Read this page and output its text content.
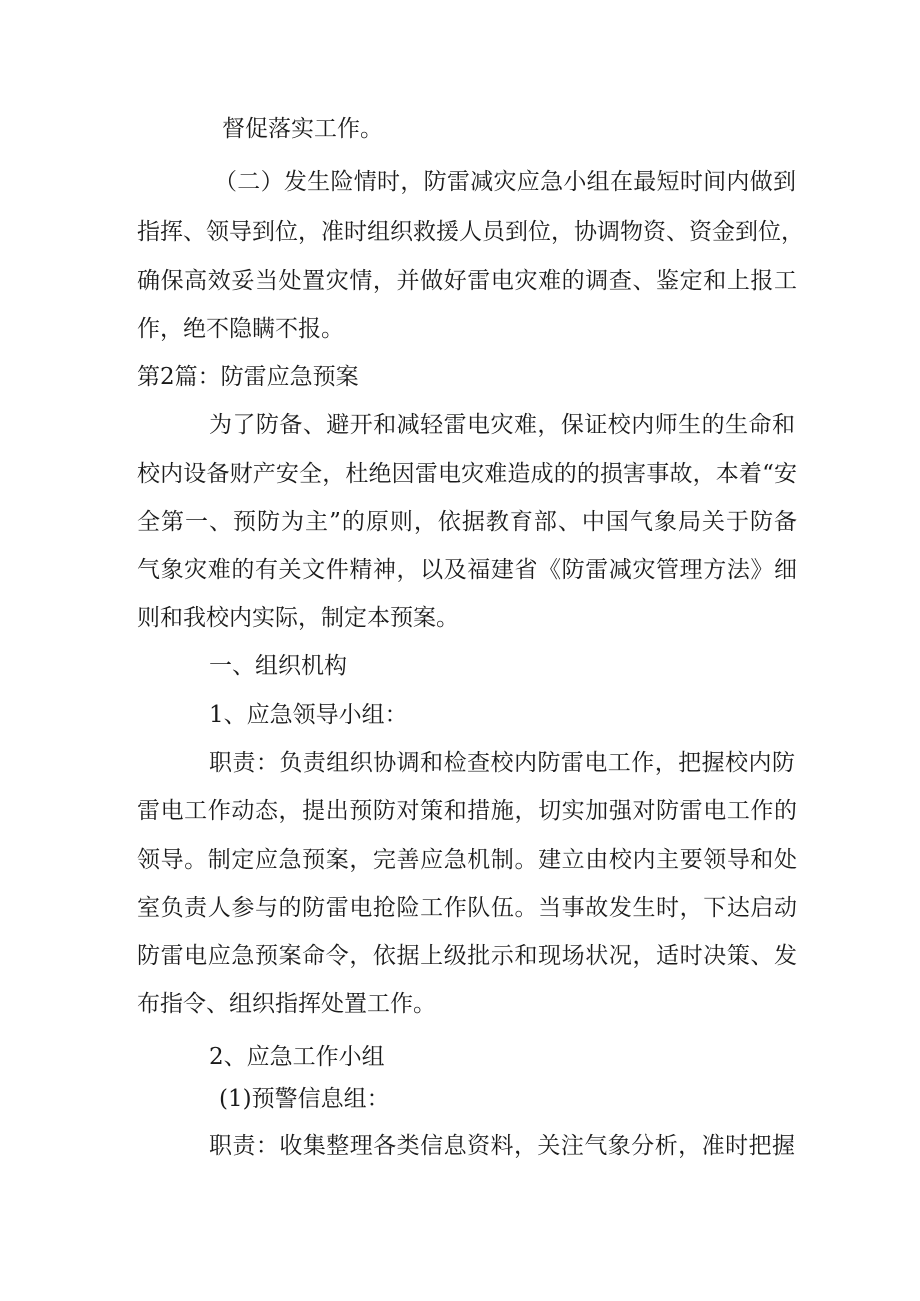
督促落实工作。
（二）发生险情时，防雷减灾应急小组在最短时间内做到
指挥、领导到位，准时组织救援人员到位，协调物资、资金到位，
确保高效妥当处置灾情，并做好雷电灾难的调查、鉴定和上报工
作，绝不隐瞒不报。
第2篇：防雷应急预案
为了防备、避开和减轻雷电灾难，保证校内师生的生命和
校内设备财产安全，杜绝因雷电灾难造成的的损害事故，本着“安
全第一、预防为主”的原则，依据教育部、中国气象局关于防备
气象灾难的有关文件精神，以及福建省《防雷减灾管理方法》细
则和我校内实际，制定本预案。
一、组织机构
1、应急领导小组：
职责：负责组织协调和检查校内防雷电工作，把握校内防
雷电工作动态，提出预防对策和措施，切实加强对防雷电工作的
领导。制定应急预案，完善应急机制。建立由校内主要领导和处
室负责人参与的防雷电抢险工作队伍。当事故发生时，下达启动
防雷电应急预案命令，依据上级批示和现场状况，适时决策、发
布指令、组织指挥处置工作。
2、应急工作小组
(1)预警信息组：
职责：收集整理各类信息资料，关注气象分析，准时把握
